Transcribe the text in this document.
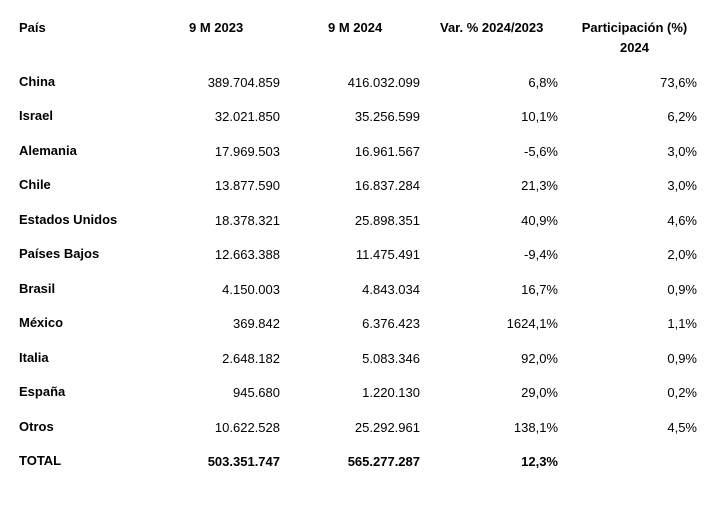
País	9 M 2023	9 M 2024	Var. % 2024/2023	Participación (%)
2024
China	389.704.859	416.032.099	6,8%	73,6%
Israel	32.021.850	35.256.599	10,1%	6,2%
Alemania	17.969.503	16.961.567	-5,6%	3,0%
Chile	13.877.590	16.837.284	21,3%	3,0%
Estados Unidos	18.378.321	25.898.351	40,9%	4,6%
Países Bajos	12.663.388	11.475.491	-9,4%	2,0%
Brasil	4.150.003	4.843.034	16,7%	0,9%
México	369.842	6.376.423	1624,1%	1,1%
Italia	2.648.182	5.083.346	92,0%	0,9%
España	945.680	1.220.130	29,0%	0,2%
Otros	10.622.528	25.292.961	138,1%	4,5%
TOTAL	503.351.747	565.277.287	12,3%
